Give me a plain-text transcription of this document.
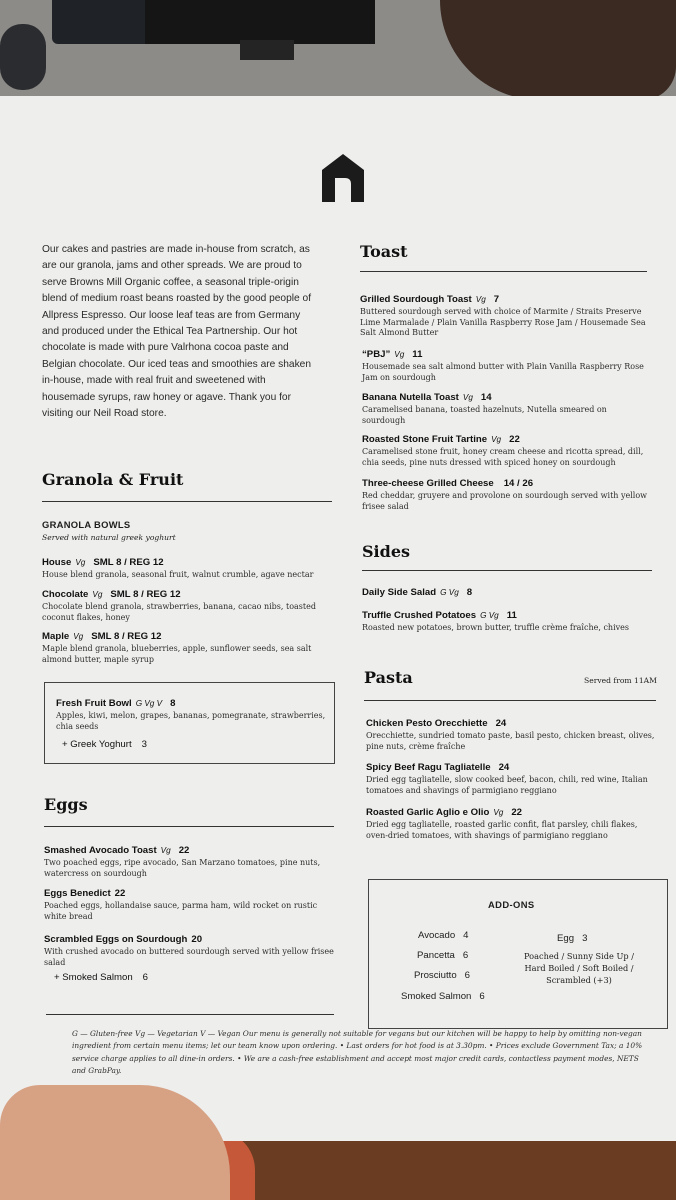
Our cakes and pastries are made in-house from scratch, as are our granola, jams and other spreads. We are proud to serve Browns Mill Organic coffee, a seasonal triple-origin blend of medium roast beans roasted by the good people of Allpress Espresso. Our loose leaf teas are from Germany and produced under the Ethical Tea Partnership. Our hot chocolate is made with pure Valrhona cocoa paste and Belgian chocolate. Our iced teas and smoothies are shaken in-house, made with real fruit and sweetened with housemade syrups, raw honey or agave. Thank you for visiting our Neil Road store.
Granola & Fruit
GRANOLA BOWLS
Served with natural greek yoghurt
House Vg SML 8 / REG 12
House blend granola, seasonal fruit, walnut crumble, agave nectar
Chocolate Vg SML 8 / REG 12
Chocolate blend granola, strawberries, banana, cacao nibs, toasted coconut flakes, honey
Maple Vg SML 8 / REG 12
Maple blend granola, blueberries, apple, sunflower seeds, sea salt almond butter, maple syrup
Fresh Fruit Bowl G Vg V 8
Apples, kiwi, melon, grapes, bananas, pomegranate, strawberries, chia seeds
+ Greek Yoghurt 3
Eggs
Smashed Avocado Toast Vg 22
Two poached eggs, ripe avocado, San Marzano tomatoes, pine nuts, watercress on sourdough
Eggs Benedict 22
Poached eggs, hollandaise sauce, parma ham, wild rocket on rustic white bread
Scrambled Eggs on Sourdough 20
With crushed avocado on buttered sourdough served with yellow frisee salad
+ Smoked Salmon 6
Toast
Grilled Sourdough Toast Vg 7
Buttered sourdough served with choice of Marmite / Straits Preserve Lime Marmalade / Plain Vanilla Raspberry Rose Jam / Housemade Sea Salt Almond Butter
“PBJ” Vg 11
Housemade sea salt almond butter with Plain Vanilla Raspberry Rose Jam on sourdough
Banana Nutella Toast Vg 14
Caramelised banana, toasted hazelnuts, Nutella smeared on sourdough
Roasted Stone Fruit Tartine Vg 22
Caramelised stone fruit, honey cream cheese and ricotta spread, dill, chia seeds, pine nuts dressed with spiced honey on sourdough
Three-cheese Grilled Cheese 14 / 26
Red cheddar, gruyere and provolone on sourdough served with yellow frisee salad
Sides
Daily Side Salad G Vg 8
Truffle Crushed Potatoes G Vg 11
Roasted new potatoes, brown butter, truffle crème fraîche, chives
Pasta	Served from 11AM
Chicken Pesto Orecchiette 24
Orecchiette, sundried tomato paste, basil pesto, chicken breast, olives, pine nuts, crème fraîche
Spicy Beef Ragu Tagliatelle 24
Dried egg tagliatelle, slow cooked beef, bacon, chili, red wine, Italian tomatoes and shavings of parmigiano reggiano
Roasted Garlic Aglio e Olio Vg 22
Dried egg tagliatelle, roasted garlic confit, flat parsley, chili flakes, oven-dried tomatoes, with shavings of parmigiano reggiano
ADD-ONS
Avocado 4
Pancetta 6
Prosciutto 6
Smoked Salmon 6
Egg 3
Poached / Sunny Side Up / Hard Boiled / Soft Boiled / Scrambled (+3)
G — Gluten-free Vg — Vegetarian V — Vegan Our menu is generally not suitable for vegans but our kitchen will be happy to help by omitting non-vegan ingredient from certain menu items; let our team know upon ordering. • Last orders for hot food is at 3.30pm. • Prices exclude Government Tax; a 10% service charge applies to all dine-in orders. • We are a cash-free establishment and accept most major credit cards, contactless payment modes, NETS and GrabPay.
